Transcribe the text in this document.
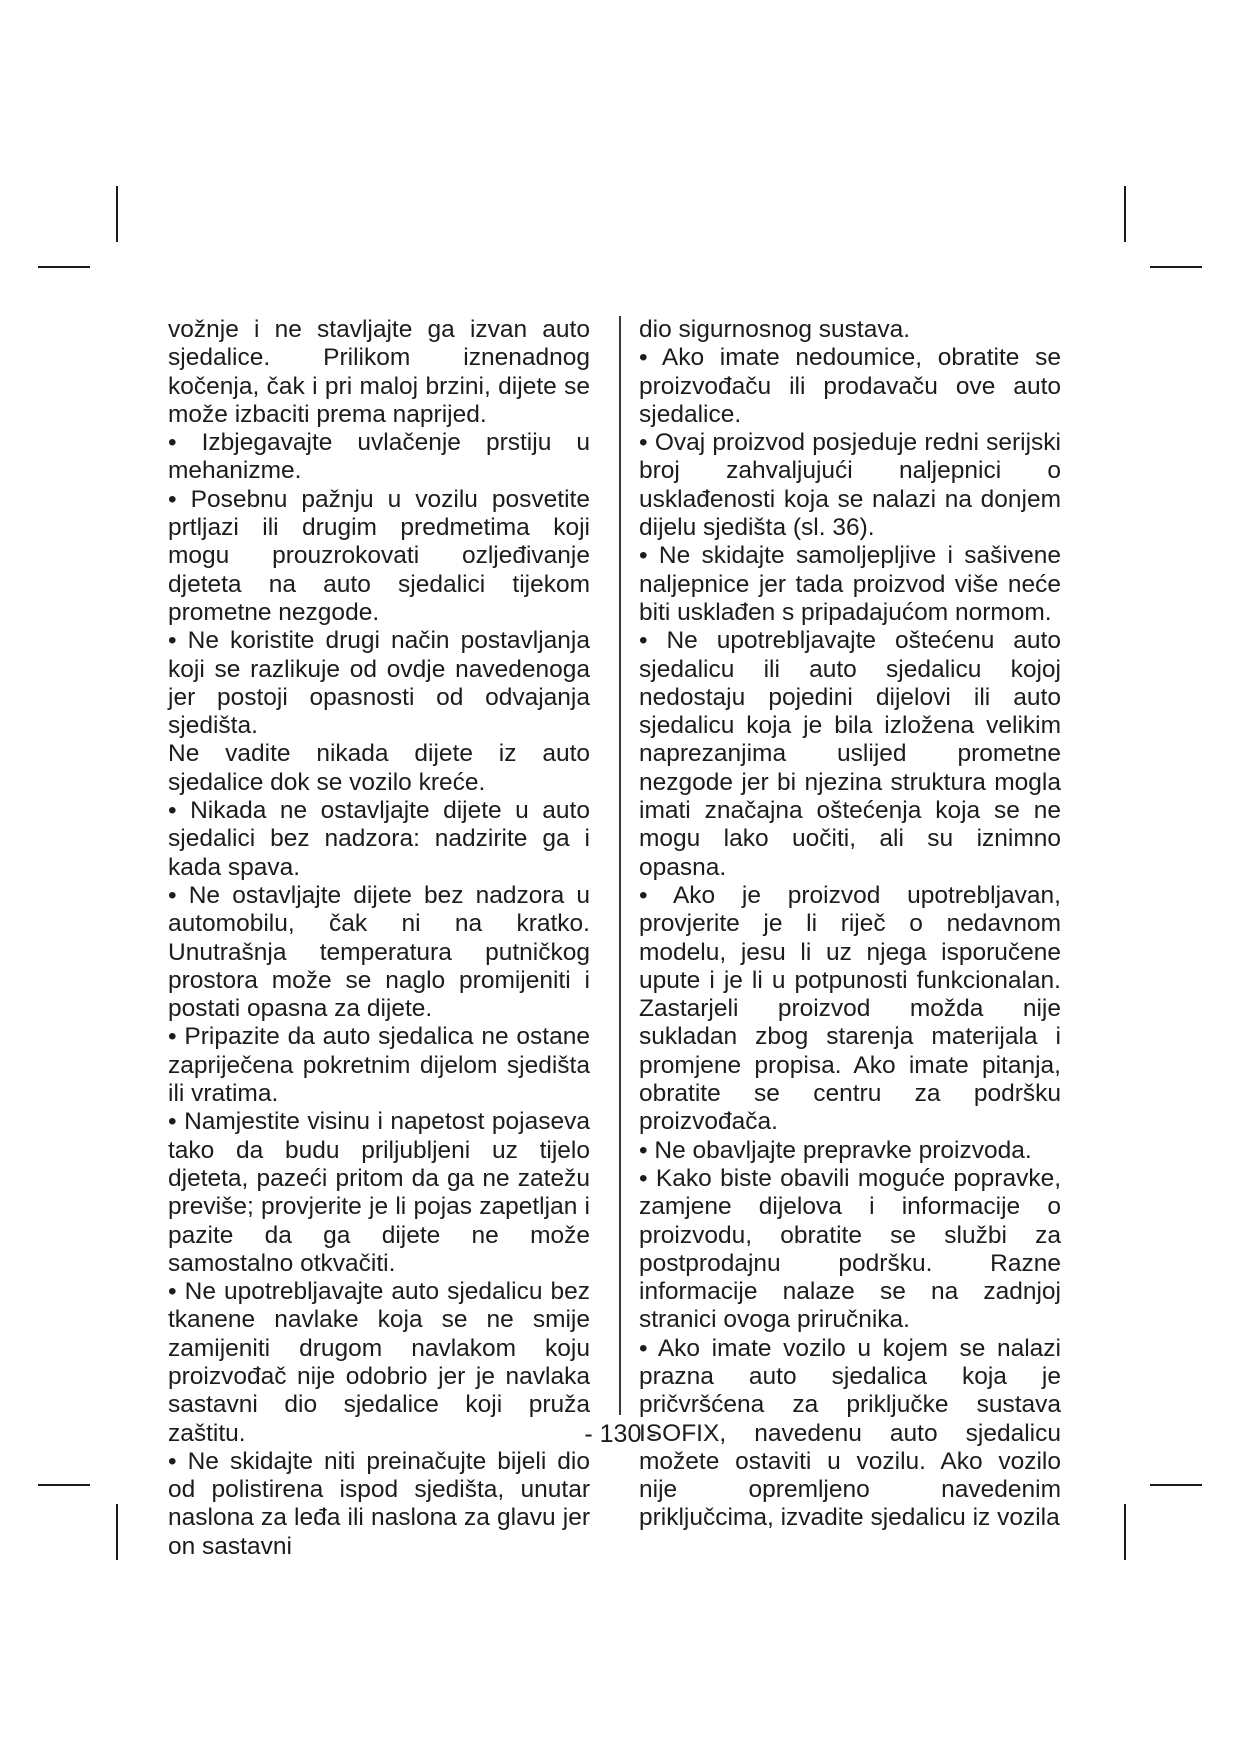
vožnje i ne stavljajte ga izvan auto sjedalice. Prilikom iznenadnog kočenja, čak i pri maloj brzini, dijete se može izbaciti prema naprijed.

• Izbjegavajte uvlačenje prstiju u mehanizme.

• Posebnu pažnju u vozilu posvetite prtljazi ili drugim predmetima koji mogu prouzrokovati ozljeđivanje djeteta na auto sjedalici tijekom prometne nezgode.

• Ne koristite drugi način postavljanja koji se razlikuje od ovdje navedenoga jer postoji opasnosti od odvajanja sjedišta.

Ne vadite nikada dijete iz auto sjedalice dok se vozilo kreće.

• Nikada ne ostavljajte dijete u auto sjedalici bez nadzora: nadzirite ga i kada spava.

• Ne ostavljajte dijete bez nadzora u automobilu, čak ni na kratko. Unutrašnja temperatura putničkog prostora može se naglo promijeniti i postati opasna za dijete.

• Pripazite da auto sjedalica ne ostane zapriječena pokretnim dijelom sjedišta ili vratima.

• Namjestite visinu i napetost pojaseva tako da budu priljubljeni uz tijelo djeteta, pazeći pritom da ga ne zatežu previše; provjerite je li pojas zapetljan i pazite da ga dijete ne može samostalno otkvačiti.

• Ne upotrebljavajte auto sjedalicu bez tkanene navlake koja se ne smije zamijeniti drugom navlakom koju proizvođač nije odobrio jer je navlaka sastavni dio sjedalice koji pruža zaštitu.

• Ne skidajte niti preinačujte bijeli dio od polistirena ispod sjedišta, unutar naslona za leđa ili naslona za glavu jer on sastavni

dio sigurnosnog sustava.

• Ako imate nedoumice, obratite se proizvođaču ili prodavaču ove auto sjedalice.

• Ovaj proizvod posjeduje redni serijski broj zahvaljujući naljepnici o usklađenosti koja se nalazi na donjem dijelu sjedišta (sl. 36).

• Ne skidajte samoljepljive i sašivene naljepnice jer tada proizvod više neće biti usklađen s pripadajućom normom.

• Ne upotrebljavajte oštećenu auto sjedalicu ili auto sjedalicu kojoj nedostaju pojedini dijelovi ili auto sjedalicu koja je bila izložena velikim naprezanjima uslijed prometne nezgode jer bi njezina struktura mogla imati značajna oštećenja koja se ne mogu lako uočiti, ali su iznimno opasna.

• Ako je proizvod upotrebljavan, provjerite je li riječ o nedavnom modelu, jesu li uz njega isporučene upute i je li u potpunosti funkcionalan. Zastarjeli proizvod možda nije sukladan zbog starenja materijala i promjene propisa. Ako imate pitanja, obratite se centru za podršku proizvođača.

• Ne obavljajte prepravke proizvoda.

• Kako biste obavili moguće popravke, zamjene dijelova i informacije o proizvodu, obratite se službi za postprodajnu podršku. Razne informacije nalaze se na zadnjoj stranici ovoga priručnika.

• Ako imate vozilo u kojem se nalazi prazna auto sjedalica koja je pričvršćena za priključke sustava ISOFIX, navedenu auto sjedalicu možete ostaviti u vozilu. Ako vozilo nije opremljeno navedenim priključcima, izvadite sjedalicu iz vozila

- 130 -
